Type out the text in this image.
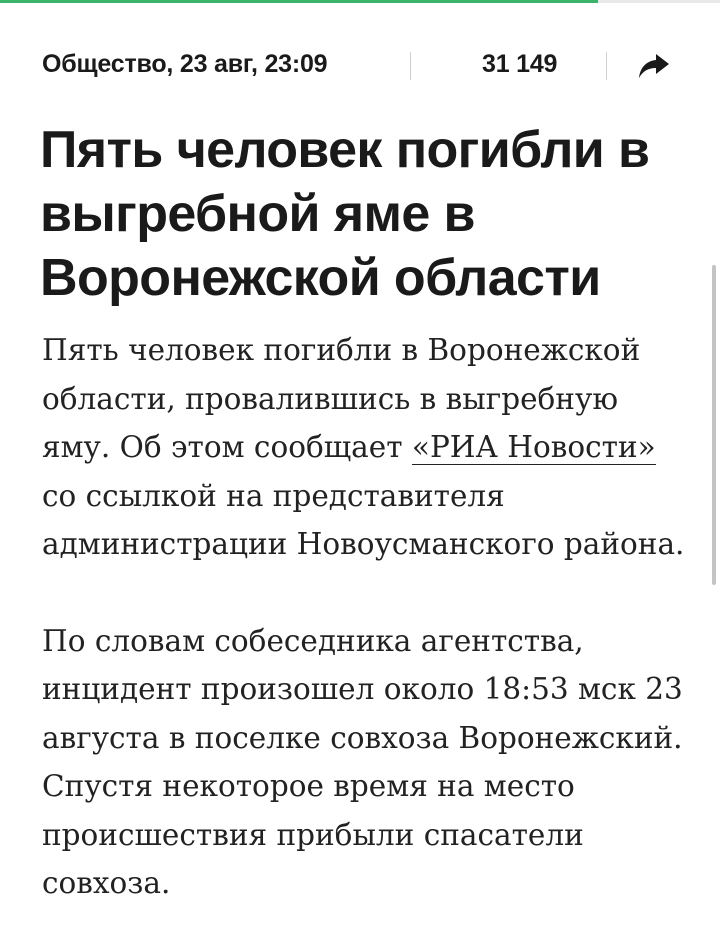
Общество, 23 авг, 23:09	31 149
Пять человек погибли в выгребной яме в Воронежской области

Пять человек погибли в Воронежской области, провалившись в выгребную яму. Об этом сообщает «РИА Новости» со ссылкой на представителя администрации Новоусманского района.

По словам собеседника агентства, инцидент произошел около 18:53 мск 23 августа в поселке совхоза Воронежский. Спустя некоторое время на место происшествия прибыли спасатели совхоза.
